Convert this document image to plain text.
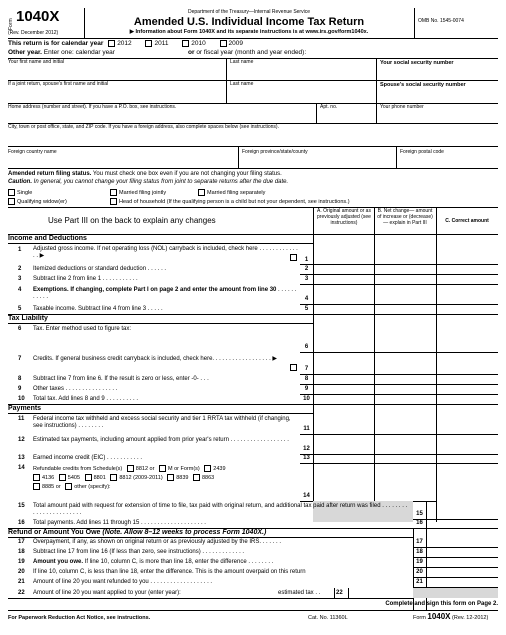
Form 1040X
(Rev. December 2012)
Department of the Treasury—Internal Revenue Service
Amended U.S. Individual Income Tax Return
▶ Information about Form 1040X and its separate instructions is at www.irs.gov/form1040x.
OMB No. 1545-0074
This return is for calendar year 2012	2011	2010	2009
Other year. Enter one: calendar year	or or fiscal year (month and year ended):
Your first name and initial	Last name	Your social security number
If a joint return, spouse's first name and initial	Last name	Spouse's social security number
Home address (number and street). If you have a P.O. box, see instructions.	Apt. no.	Your phone number
City, town or post office, state, and ZIP code. If you have a foreign address, also complete spaces below (see instructions).
Foreign country name	Foreign province/state/county	Foreign postal code
Amended return filing status. You must check one box even if you are not changing your filing status.
Caution. In general, you cannot change your filing status from joint to separate returns after the due date.
Single	Married filing jointly	Married filing separately
Qualifying widow(er)	Head of household (If the qualifying person is a child but not your dependent, see instructions.)
Use Part III on the back to explain any changes
A. Original amount or as previously adjusted (see instructions)
B. Net change— amount of increase or (decrease)— explain in Part III	C. Correct amount
Income and Deductions
1 Adjusted gross income. If net operating loss (NOL) carryback is included, check here . . . . . . . . . . . . . . ▶
1
2 Itemized deductions or standard deduction . . . . . .	2
3 Subtract line 2 from line 1 . . . . . . . . . . .	3
4 Exemptions. If changing, complete Part I on page 2 and enter the amount from line 30 . . . . . . . . . . .	4
5 Taxable income. Subtract line 4 from line 3 . . . . .	5
Tax Liability
6 Tax. Enter method used to figure tax:
6
7 Credits. If general business credit carryback is included, check here. . . . . . . . . . . . . . . . . . ▶
7
8 Subtract line 7 from line 6. If the result is zero or less, enter -0- . . .	8
9 Other taxes . . . . . . . . . . . . . . . .	9
10 Total tax. Add lines 8 and 9 . . . . . . . . . .	10
Payments
11 Federal income tax withheld and excess social security and tier 1 RRTA tax withheld (if changing, see instructions) . . . . . . . .	11
12 Estimated tax payments, including amount applied from prior year's return . . . . . . . . . . . . . . . . . .
12
13 Earned income credit (EIC) . . . . . . . . . . .	13
14 Refundable credits from Schedule(s) 8812 or M or Form(s) 2439
4136 5405 8801 8812 (2009-2011) 8839 8863
8885 or other (specify):
14
15 Total amount paid with request for extension of time to file, tax paid with original return, and additional tax paid after return was filed . . . . . . . . . . . . . . . . . . . . . . .	15
16 Total payments. Add lines 11 through 15 . . . . . . . . . . . . . . . . . . . .	16
Refund or Amount You Owe (Note. Allow 8–12 weeks to process Form 1040X.)
17 Overpayment, if any, as shown on original return or as previously adjusted by the IRS. . . . . . .	17
18 Subtract line 17 from line 16 (If less than zero, see instructions) . . . . . . . . . . . . .	18
19 Amount you owe. If line 10, column C, is more than line 18, enter the difference . . . . . . . .	19
20 If line 10, column C, is less than line 18, enter the difference. This is the amount overpaid on this return	20
21 Amount of line 20 you want refunded to you . . . . . . . . . . . . . . . . . . .	21
22 Amount of line 20 you want applied to your (enter year):	estimated tax . .	22
Complete and sign this form on Page 2.
For Paperwork Reduction Act Notice, see instructions.	Cat. No. 11360L	Form 1040X (Rev. 12-2012)
